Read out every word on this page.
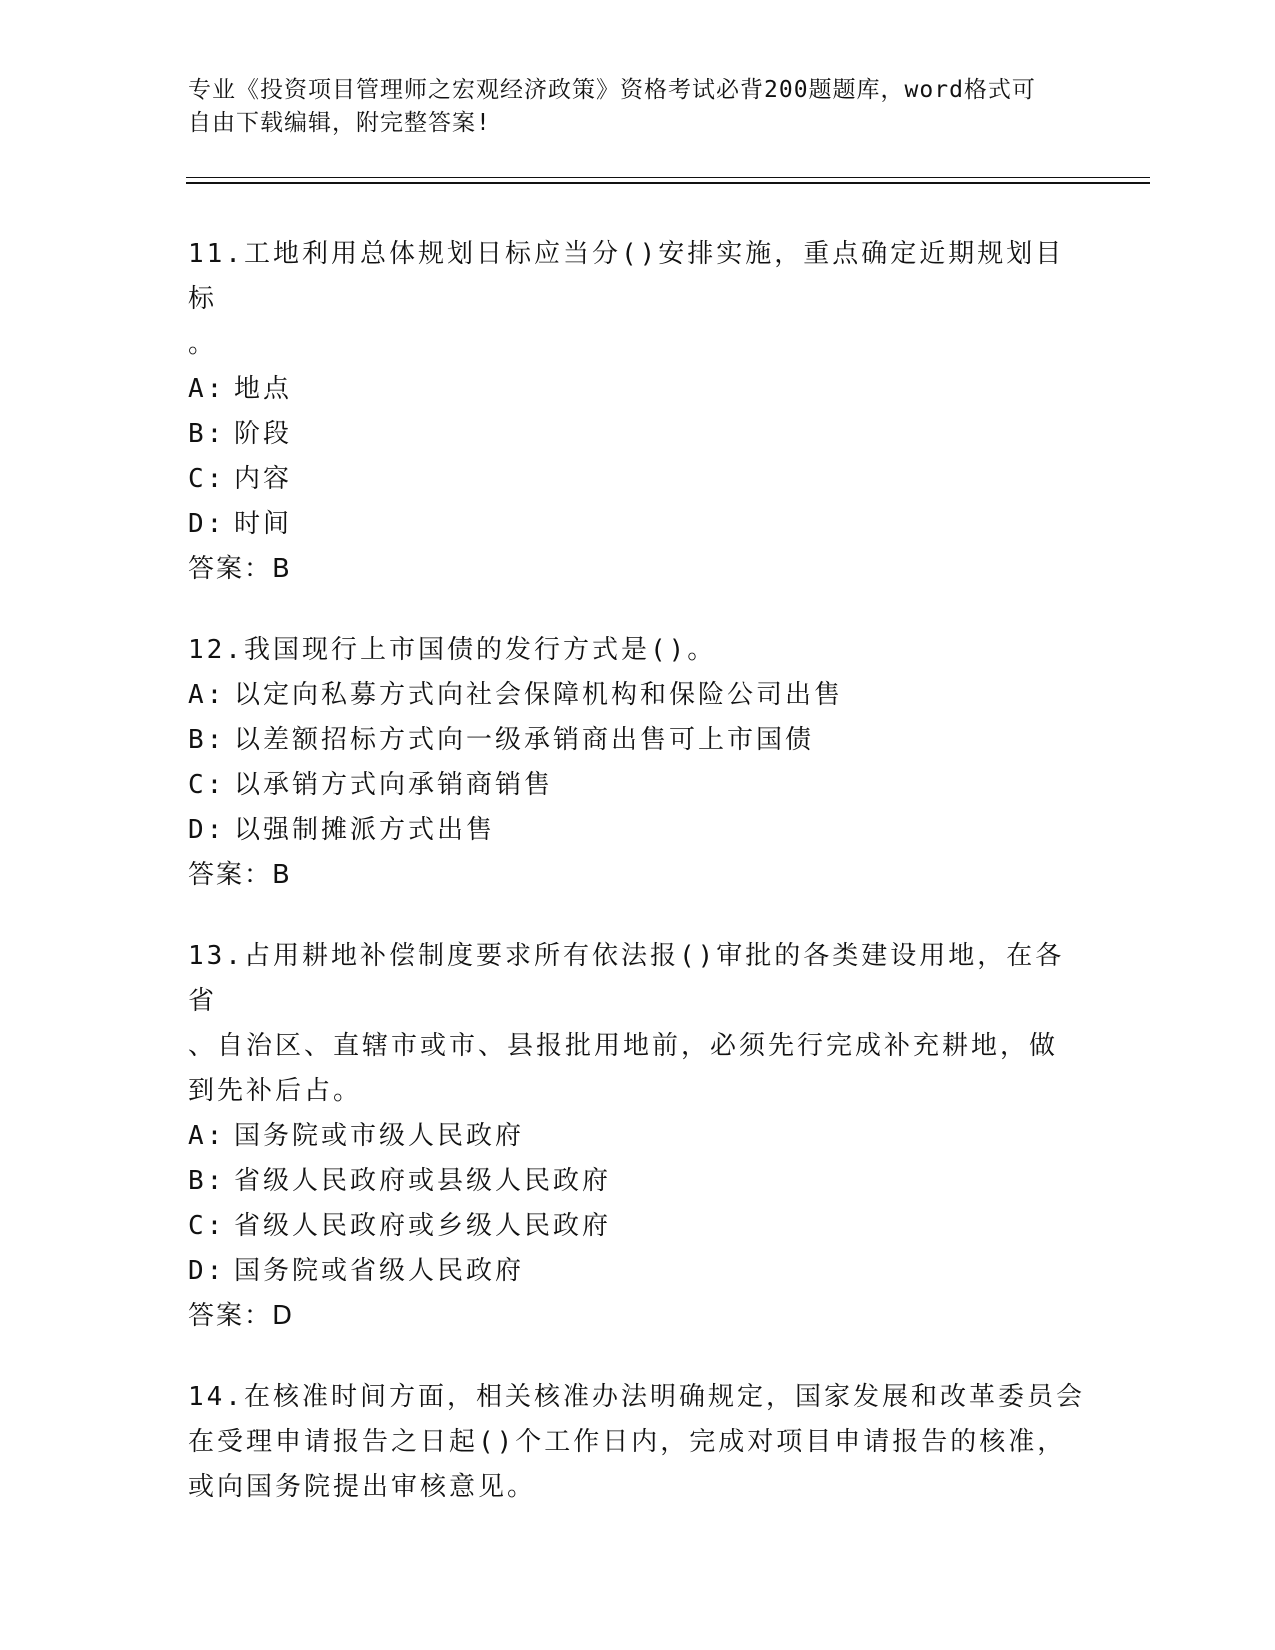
专业《投资项目管理师之宏观经济政策》资格考试必背200题题库，word格式可
自由下载编辑，附完整答案!

11.工地利用总体规划日标应当分()安排实施，重点确定近期规划目标

。

A: 地点

B: 阶段

C: 内容

D: 时间

答案：B

12.我国现行上市国债的发行方式是()。

A: 以定向私募方式向社会保障机构和保险公司出售

B: 以差额招标方式向一级承销商出售可上市国债

C: 以承销方式向承销商销售

D: 以强制摊派方式出售

答案：B

13.占用耕地补偿制度要求所有依法报()审批的各类建设用地，在各省

、自治区、直辖市或市、县报批用地前，必须先行完成补充耕地，做

到先补后占。

A: 国务院或市级人民政府

B: 省级人民政府或县级人民政府

C: 省级人民政府或乡级人民政府

D: 国务院或省级人民政府

答案：D

14.在核准时间方面，相关核准办法明确规定，国家发展和改革委员会

在受理申请报告之日起()个工作日内，完成对项目申请报告的核准，

或向国务院提出审核意见。
